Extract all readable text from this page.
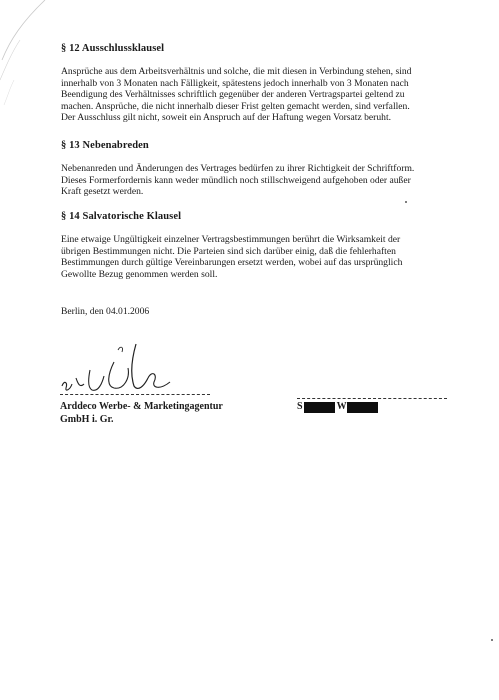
§ 12 Ausschlussklausel

Ansprüche aus dem Arbeitsverhältnis und solche, die mit diesen in Verbindung stehen, sind

innerhalb von 3 Monaten nach Fälligkeit, spätestens jedoch innerhalb von 3 Monaten nach

Beendigung des Verhältnisses schriftlich gegenüber der anderen Vertragspartei geltend zu

machen. Ansprüche, die nicht innerhalb dieser Frist gelten gemacht werden, sind verfallen.

Der Ausschluss gilt nicht, soweit ein Anspruch auf der Haftung wegen Vorsatz beruht.

§ 13 Nebenabreden

Nebenanreden und Änderungen des Vertrages bedürfen zu ihrer Richtigkeit der Schriftform.

Dieses Formerfordernis kann weder mündlich noch stillschweigend aufgehoben oder außer

Kraft gesetzt werden.

§ 14 Salvatorische Klausel

Eine etwaige Ungültigkeit einzelner Vertragsbestimmungen berührt die Wirksamkeit der

übrigen Bestimmungen nicht. Die Parteien sind sich darüber einig, daß die fehlerhaften

Bestimmungen durch gültige Vereinbarungen ersetzt werden, wobei auf das ursprünglich

Gewollte Bezug genommen werden soll.

Berlin, den 04.01.2006

Arddeco Werbe- & Marketingagentur
GmbH i. Gr.
S	W
